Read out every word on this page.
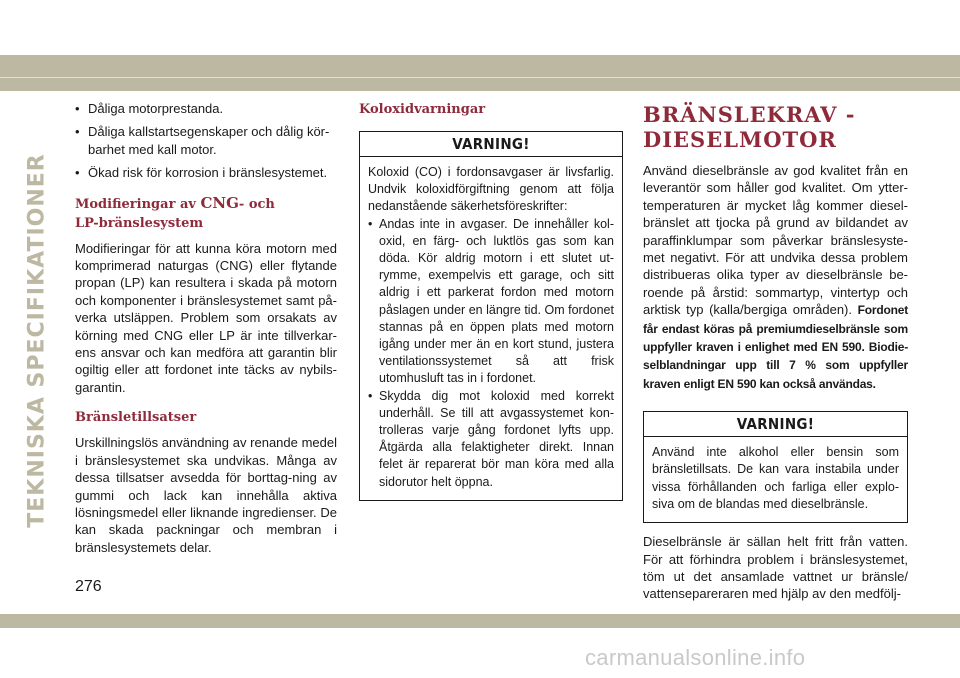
TEKNISKA SPECIFIKATIONER
• Dåliga motorprestanda.
• Dåliga kallstartsegenskaper och dålig kör-
barhet med kall motor.
• Ökad risk för korrosion i bränslesystemet.
Modifieringar av CNG- och
LP-bränslesystem

Modifieringar för att kunna köra motorn med komprimerad naturgas (CNG) eller flytande propan (LP) kan resultera i skada på motorn och komponenter i bränslesystemet samt på-verka utsläppen. Problem som orsakats av körning med CNG eller LP är inte tillverkar-ens ansvar och kan medföra att garantin blir ogiltig eller att fordonet inte täcks av nybils-garantin.

Bränsletillsatser

Urskillningslös användning av renande medel i bränslesystemet ska undvikas. Många av dessa tillsatser avsedda för borttag-ning av gummi och lack kan innehålla aktiva lösningsmedel eller liknande ingredienser. De kan skada packningar och membran i bränslesystemets delar.

Koloxidvarningar
VARNING!

Koloxid (CO) i fordonsavgaser är livsfarlig. Undvik koloxidförgiftning genom att följa nedanstående säkerhetsföreskrifter:

• Andas inte in avgaser. De innehåller kol-oxid, en färg- och luktlös gas som kan döda. Kör aldrig motorn i ett slutet ut-rymme, exempelvis ett garage, och sitt aldrig i ett parkerat fordon med motorn påslagen under en längre tid. Om fordonet stannas på en öppen plats med motorn igång under mer än en kort stund, justera ventilationssystemet så att frisk utomhusluft tas in i fordonet.
• Skydda dig mot koloxid med korrekt underhåll. Se till att avgassystemet kon-trolleras varje gång fordonet lyfts upp. Åtgärda alla felaktigheter direkt. Innan felet är reparerat bör man köra med alla sidorutor helt öppna.
BRÄNSLEKRAV -
DIESELMOTOR

Använd dieselbränsle av god kvalitet från en leverantör som håller god kvalitet. Om ytter-temperaturen är mycket låg kommer diesel-bränslet att tjocka på grund av bildandet av paraffinklumpar som påverkar bränslesyste-met negativt. För att undvika dessa problem distribueras olika typer av dieselbränsle be-roende på årstid: sommartyp, vintertyp och arktisk typ (kalla/bergiga områden). Fordonet får endast köras på premiumdieselbränsle som uppfyller kraven i enlighet med EN 590. Biodie-selblandningar upp till 7 % som uppfyller kraven enligt EN 590 kan också användas.

VARNING!

Använd inte alkohol eller bensin som bränsletillsats. De kan vara instabila under vissa förhållanden och farliga eller explo-siva om de blandas med dieselbränsle.

Dieselbränsle är sällan helt fritt från vatten. För att förhindra problem i bränslesystemet, töm ut det ansamlade vattnet ur bränsle/ vattensepareraren med hjälp av den medfölj-

276
carmanualsonline.info
